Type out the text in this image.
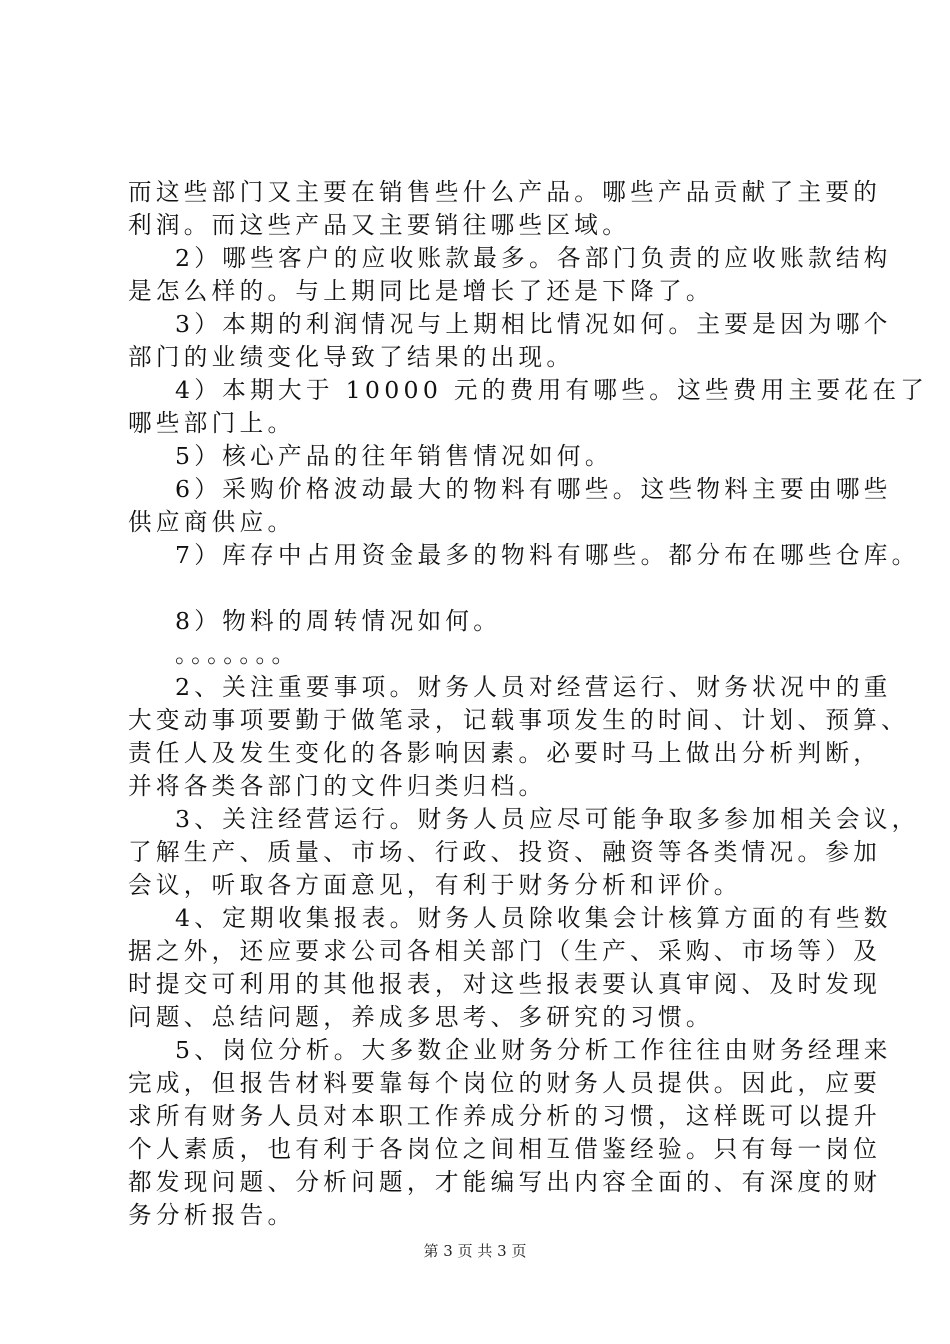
而这些部门又主要在销售些什么产品。哪些产品贡献了主要的
利润。而这些产品又主要销往哪些区域。
2）哪些客户的应收账款最多。各部门负责的应收账款结构
是怎么样的。与上期同比是增长了还是下降了。
3）本期的利润情况与上期相比情况如何。主要是因为哪个
部门的业绩变化导致了结果的出现。
4）本期大于 10000 元的费用有哪些。这些费用主要花在了
哪些部门上。
5）核心产品的往年销售情况如何。
6）采购价格波动最大的物料有哪些。这些物料主要由哪些
供应商供应。
7）库存中占用资金最多的物料有哪些。都分布在哪些仓库。
8）物料的周转情况如何。
。。。。。。。
2、关注重要事项。财务人员对经营运行、财务状况中的重
大变动事项要勤于做笔录，记载事项发生的时间、计划、预算、
责任人及发生变化的各影响因素。必要时马上做出分析判断，
并将各类各部门的文件归类归档。
3、关注经营运行。财务人员应尽可能争取多参加相关会议，
了解生产、质量、市场、行政、投资、融资等各类情况。参加
会议，听取各方面意见，有利于财务分析和评价。
4、定期收集报表。财务人员除收集会计核算方面的有些数
据之外，还应要求公司各相关部门（生产、采购、市场等）及
时提交可利用的其他报表，对这些报表要认真审阅、及时发现
问题、总结问题，养成多思考、多研究的习惯。
5、岗位分析。大多数企业财务分析工作往往由财务经理来
完成，但报告材料要靠每个岗位的财务人员提供。因此，应要
求所有财务人员对本职工作养成分析的习惯，这样既可以提升
个人素质，也有利于各岗位之间相互借鉴经验。只有每一岗位
都发现问题、分析问题，才能编写出内容全面的、有深度的财
务分析报告。
第 3 页 共 3 页
